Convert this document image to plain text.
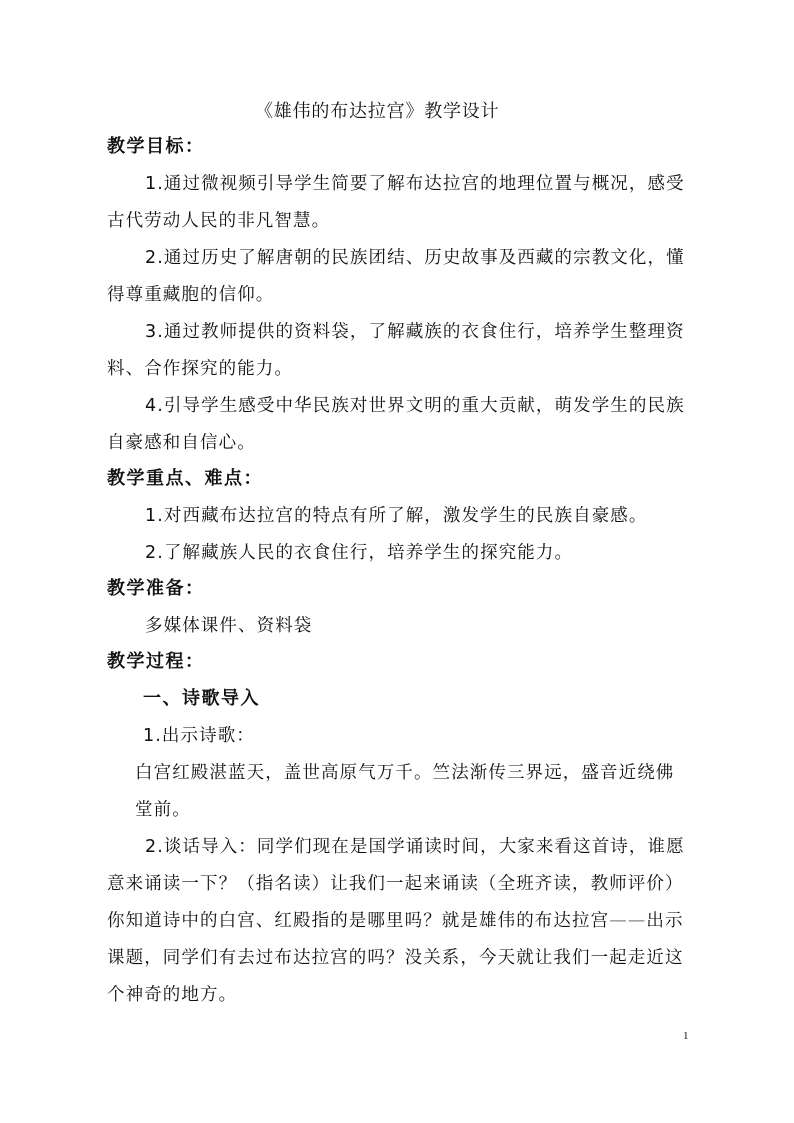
《雄伟的布达拉宫》教学设计
教学目标：
1.通过微视频引导学生简要了解布达拉宫的地理位置与概况，感受
古代劳动人民的非凡智慧。
2.通过历史了解唐朝的民族团结、历史故事及西藏的宗教文化，懂
得尊重藏胞的信仰。
3.通过教师提供的资料袋，了解藏族的衣食住行，培养学生整理资
料、合作探究的能力。
4.引导学生感受中华民族对世界文明的重大贡献，萌发学生的民族
自豪感和自信心。
教学重点、难点：
1.对西藏布达拉宫的特点有所了解，激发学生的民族自豪感。
2.了解藏族人民的衣食住行，培养学生的探究能力。
教学准备：
多媒体课件、资料袋
教学过程：
一、诗歌导入
1.出示诗歌：
白宫红殿湛蓝天，盖世高原气万千。竺法渐传三界远，盛音近绕佛
堂前。
2.谈话导入：同学们现在是国学诵读时间，大家来看这首诗，谁愿
意来诵读一下？（指名读）让我们一起来诵读（全班齐读，教师评价）
你知道诗中的白宫、红殿指的是哪里吗？就是雄伟的布达拉宫——出示
课题，同学们有去过布达拉宫的吗？没关系，今天就让我们一起走近这
个神奇的地方。
1
